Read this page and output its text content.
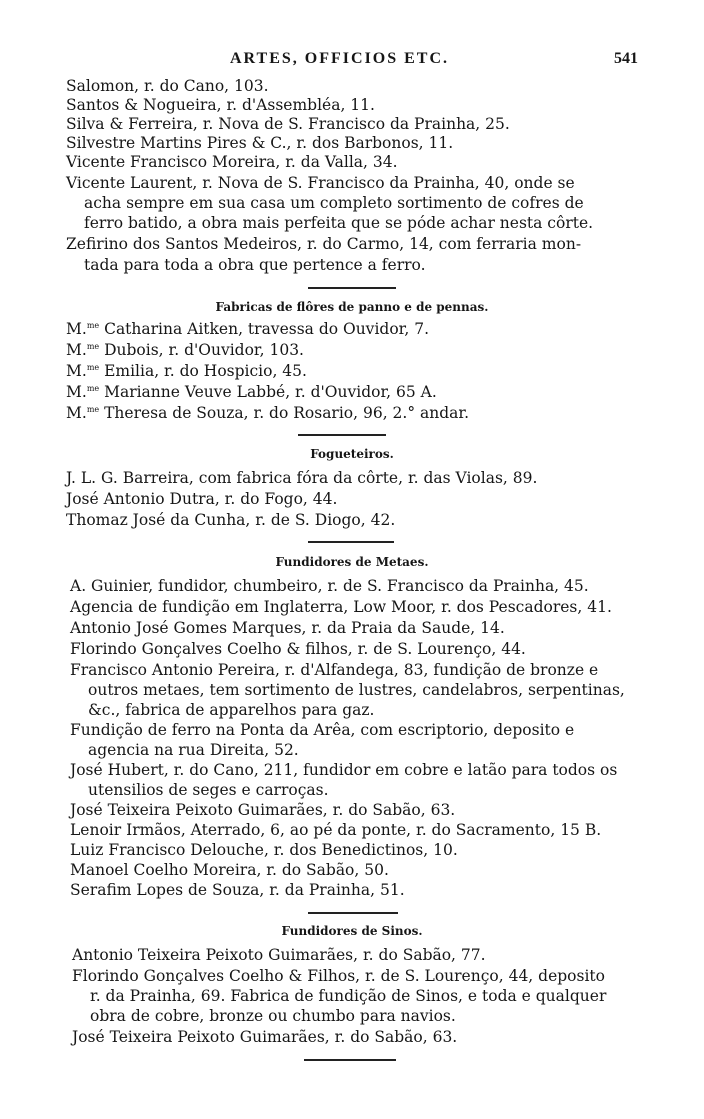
ARTES, OFFICIOS ETC.	541

Salomon, r. do Cano, 103.

Santos & Nogueira, r. d'Assembléa, 11.

Silva & Ferreira, r. Nova de S. Francisco da Prainha, 25.

Silvestre Martins Pires & C., r. dos Barbonos, 11.

Vicente Francisco Moreira, r. da Valla, 34.

Vicente Laurent, r. Nova de S. Francisco da Prainha, 40, onde se

acha sempre em sua casa um completo sortimento de cofres de

ferro batido, a obra mais perfeita que se póde achar nesta côrte.

Zefirino dos Santos Medeiros, r. do Carmo, 14, com ferraria mon-

tada para toda a obra que pertence a ferro.

Fabricas de flôres de panno e de pennas.

M.$^{me}$ Catharina Aitken, travessa do Ouvidor, 7.

M.$^{me}$ Dubois, r. d'Ouvidor, 103.

M.$^{me}$ Emilia, r. do Hospicio, 45.

M.$^{me}$ Marianne Veuve Labbé, r. d'Ouvidor, 65 A.

M.$^{me}$ Theresa de Souza, r. do Rosario, 96, 2.° andar.

Fogueteiros.

J. L. G. Barreira, com fabrica fóra da côrte, r. das Violas, 89.

José Antonio Dutra, r. do Fogo, 44.

Thomaz José da Cunha, r. de S. Diogo, 42.

Fundidores de Metaes.

A. Guinier, fundidor, chumbeiro, r. de S. Francisco da Prainha, 45.

Agencia de fundição em Inglaterra, Low Moor, r. dos Pescadores, 41.

Antonio José Gomes Marques, r. da Praia da Saude, 14.

Florindo Gonçalves Coelho & filhos, r. de S. Lourenço, 44.

Francisco Antonio Pereira, r. d'Alfandega, 83, fundição de bronze e

outros metaes, tem sortimento de lustres, candelabros, serpentinas,

&c., fabrica de apparelhos para gaz.

Fundição de ferro na Ponta da Arêa, com escriptorio, deposito e

agencia na rua Direita, 52.

José Hubert, r. do Cano, 211, fundidor em cobre e latão para todos os

utensilios de seges e carroças.

José Teixeira Peixoto Guimarães, r. do Sabão, 63.

Lenoir Irmãos, Aterrado, 6, ao pé da ponte, r. do Sacramento, 15 B.

Luiz Francisco Delouche, r. dos Benedictinos, 10.

Manoel Coelho Moreira, r. do Sabão, 50.

Serafim Lopes de Souza, r. da Prainha, 51.

Fundidores de Sinos.

Antonio Teixeira Peixoto Guimarães, r. do Sabão, 77.

Florindo Gonçalves Coelho & Filhos, r. de S. Lourenço, 44, deposito

r. da Prainha, 69. Fabrica de fundição de Sinos, e toda e qualquer

obra de cobre, bronze ou chumbo para navios.

José Teixeira Peixoto Guimarães, r. do Sabão, 63.
